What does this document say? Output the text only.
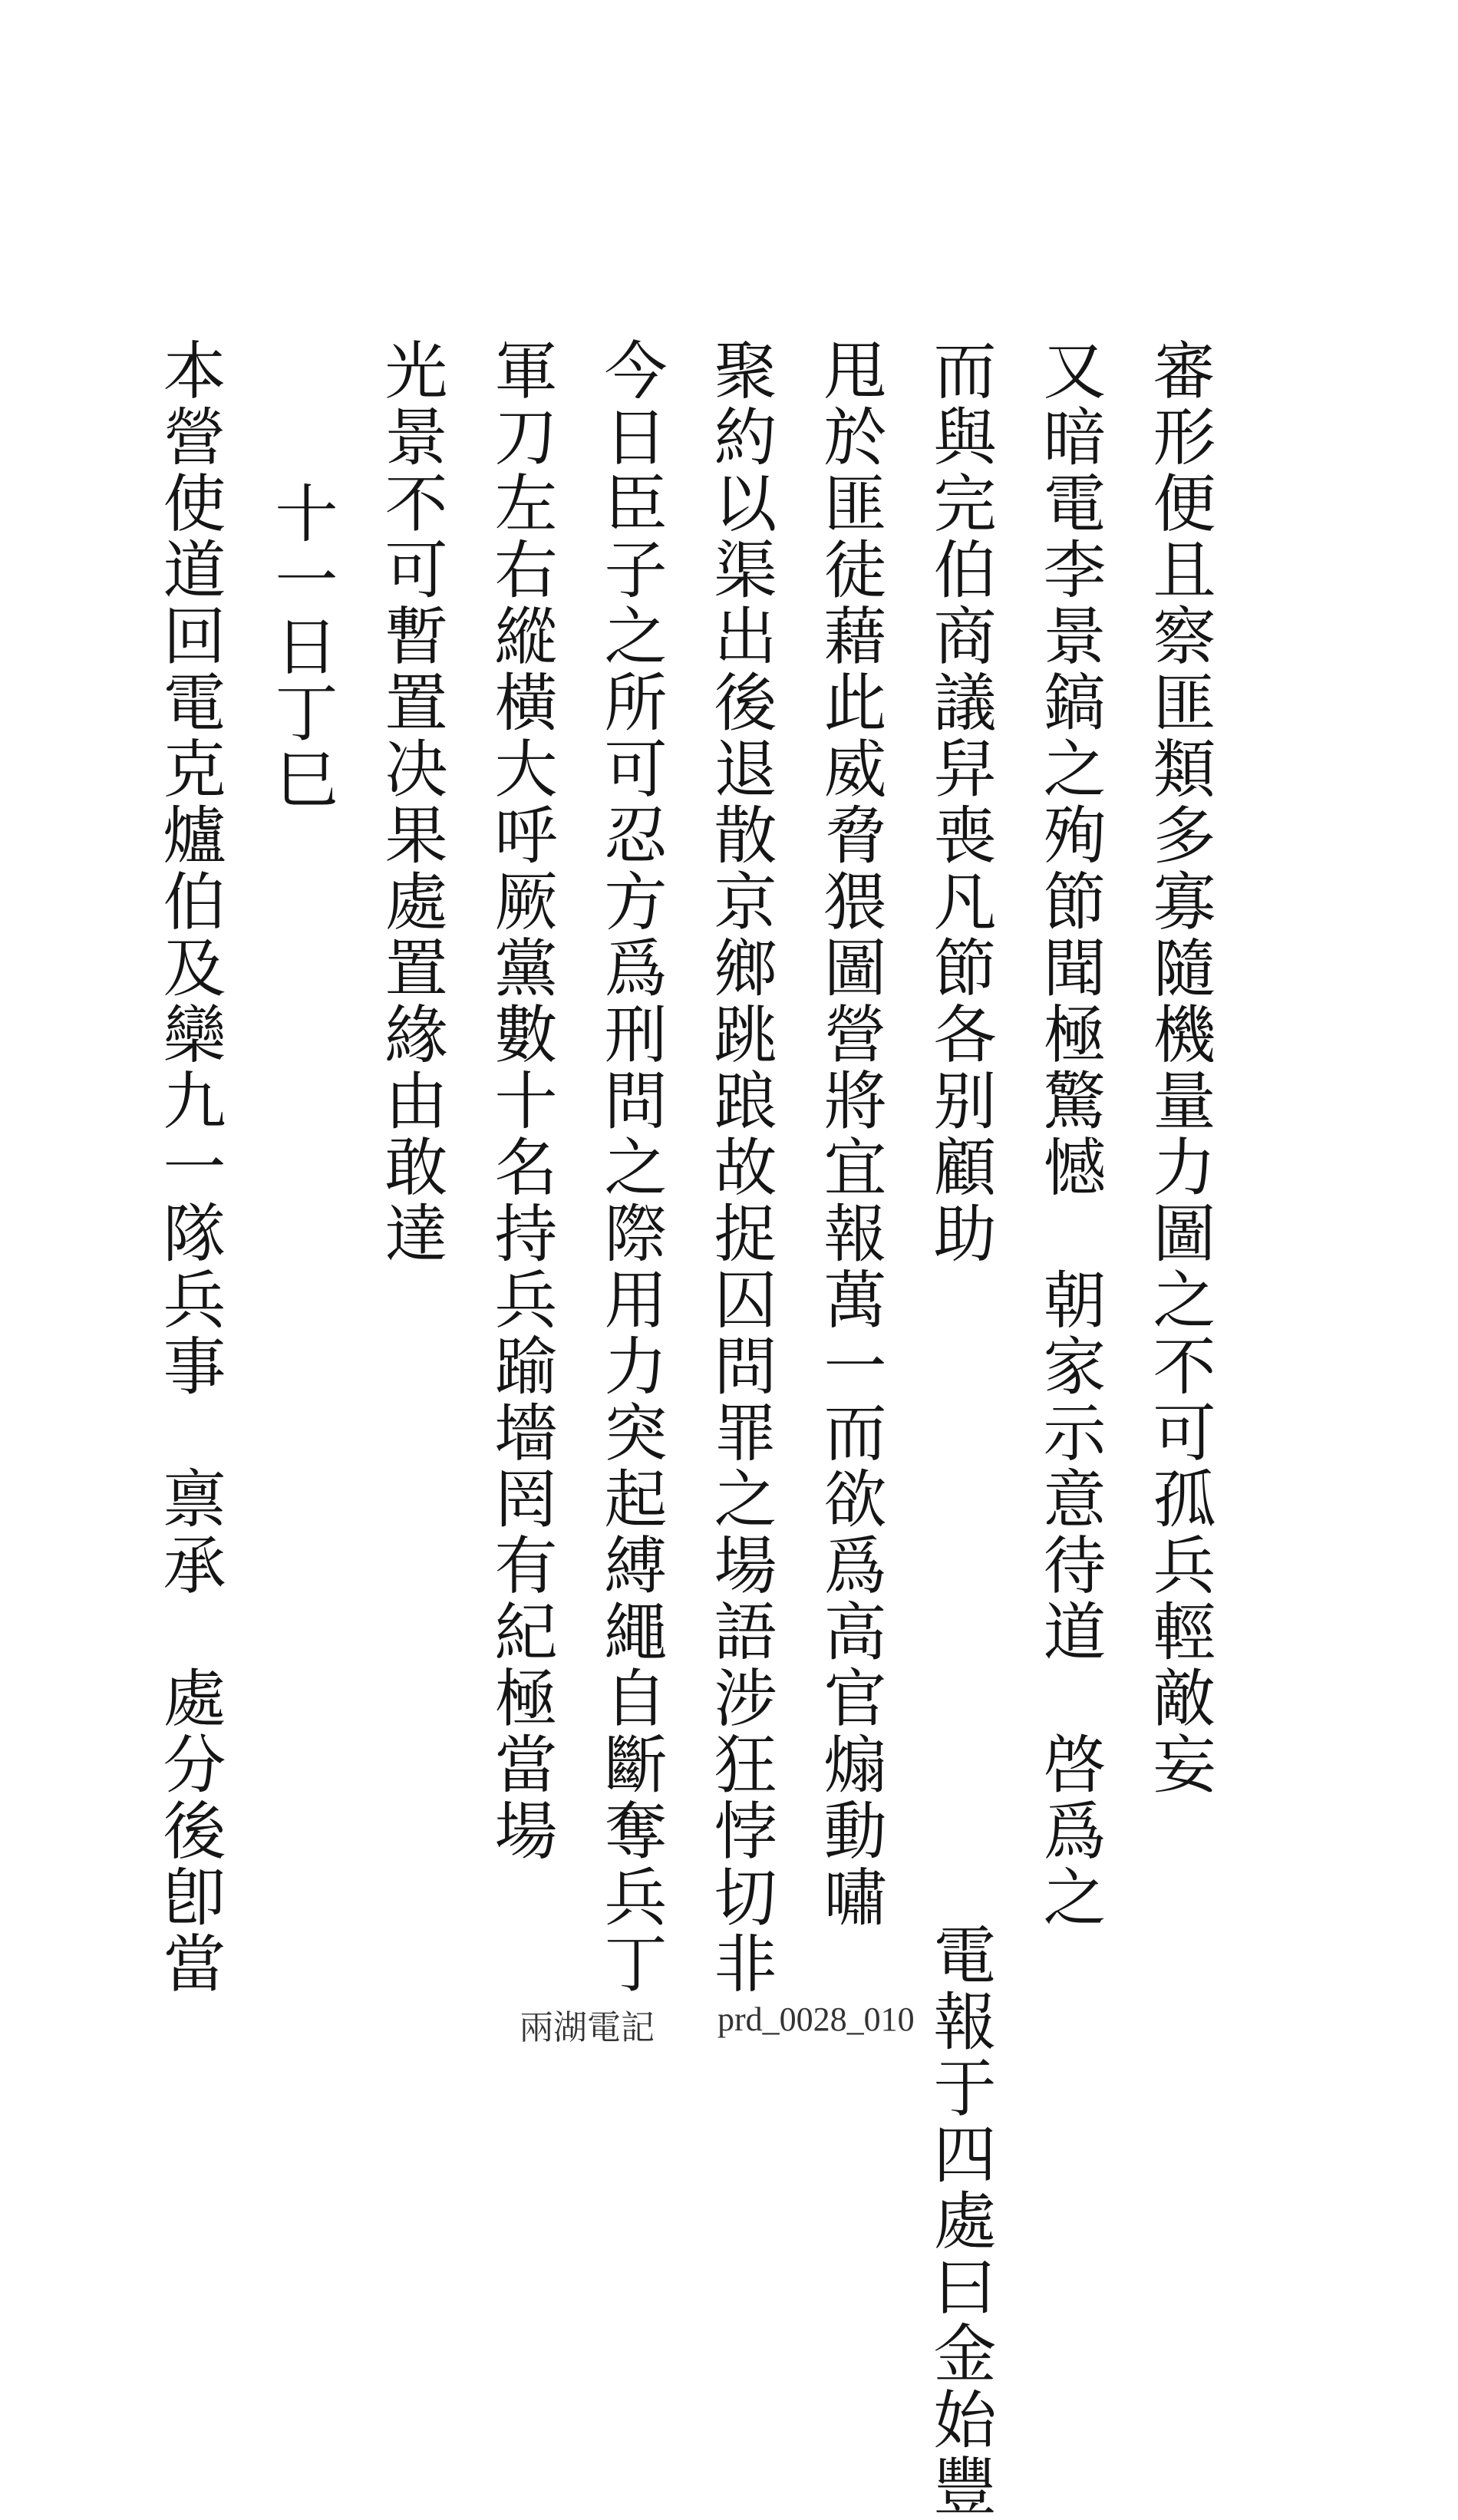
審形便且察匪類多寡隨機量力圖之不可孤兵輕敵妄
又暗電李景鎬之殉節聞極驚憾　朝家示意待道　啓爲之
而與完伯商議舁喪凡節各别顧助
　　　　　　　　　　電報于四處曰金始豐
甩於匪徒藉此威脅猥圖營將宜報萬一而欲爲高官煽動嘯
聚約以渠出後退散京鄉跳踉故捉囚問罪之場語涉狂悖切非
今日臣子之所可忍方爲刑問之際用力突起縛繩自斷奪兵丁
軍刀左右縱橫大呼厥黨數十名持兵踰墻罔有紀極當場
光景不可暫置决果處置緣由敢達
　十一日丁巳
本營使道回電克爐伯及欒九一隊兵事　禀承　處分後卽當
兩湖電記 prd_0028_010
